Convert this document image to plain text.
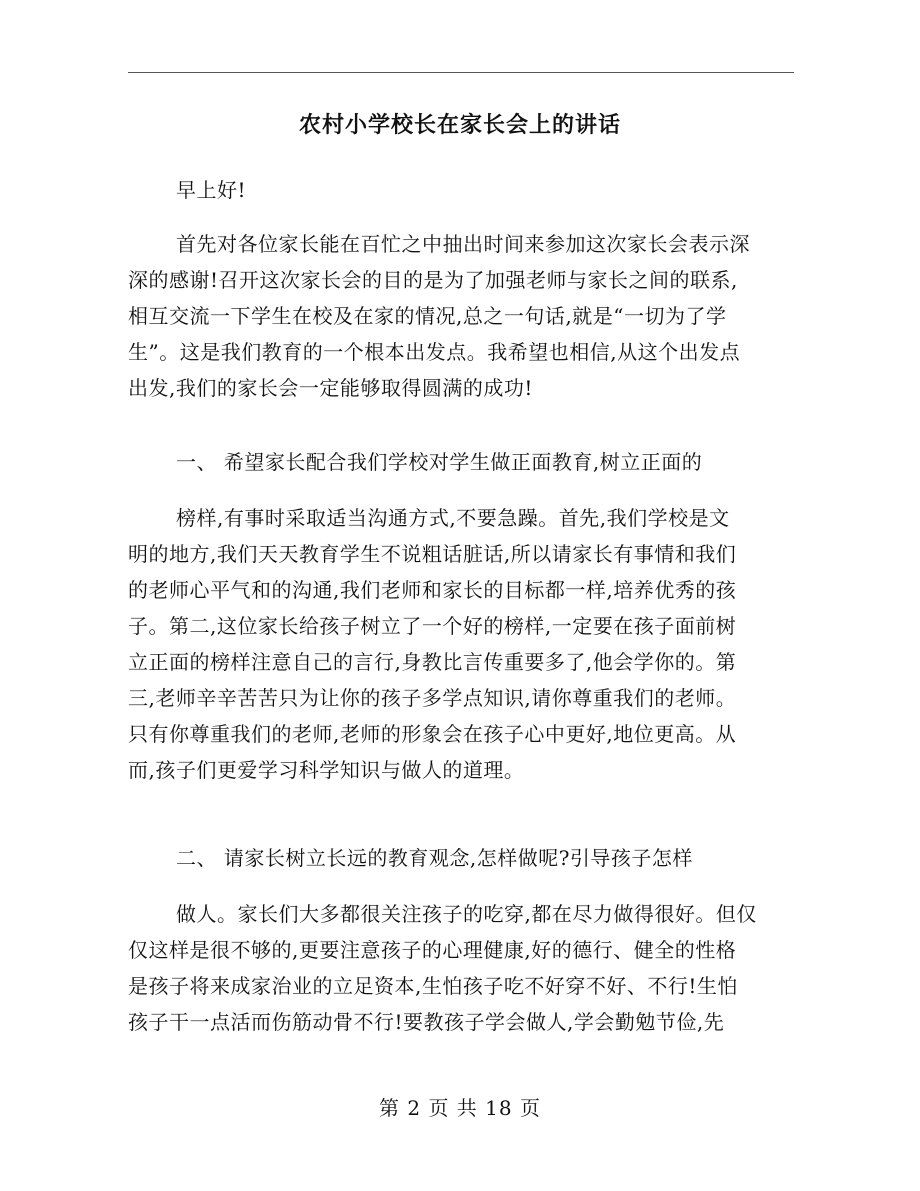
农村小学校长在家长会上的讲话
早上好!
首先对各位家长能在百忙之中抽出时间来参加这次家长会表示深
深的感谢!召开这次家长会的目的是为了加强老师与家长之间的联系,
相互交流一下学生在校及在家的情况,总之一句话,就是“一切为了学
生”。这是我们教育的一个根本出发点。我希望也相信,从这个出发点
出发,我们的家长会一定能够取得圆满的成功!
一、 希望家长配合我们学校对学生做正面教育,树立正面的
榜样,有事时采取适当沟通方式,不要急躁。首先,我们学校是文
明的地方,我们天天教育学生不说粗话脏话,所以请家长有事情和我们
的老师心平气和的沟通,我们老师和家长的目标都一样,培养优秀的孩
子。第二,这位家长给孩子树立了一个好的榜样,一定要在孩子面前树
立正面的榜样注意自己的言行,身教比言传重要多了,他会学你的。第
三,老师辛辛苦苦只为让你的孩子多学点知识,请你尊重我们的老师。
只有你尊重我们的老师,老师的形象会在孩子心中更好,地位更高。从
而,孩子们更爱学习科学知识与做人的道理。
二、 请家长树立长远的教育观念,怎样做呢?引导孩子怎样
做人。家长们大多都很关注孩子的吃穿,都在尽力做得很好。但仅
仅这样是很不够的,更要注意孩子的心理健康,好的德行、健全的性格
是孩子将来成家治业的立足资本,生怕孩子吃不好穿不好、不行!生怕
孩子干一点活而伤筋动骨不行!要教孩子学会做人,学会勤勉节俭,先
第 2 页 共 18 页
